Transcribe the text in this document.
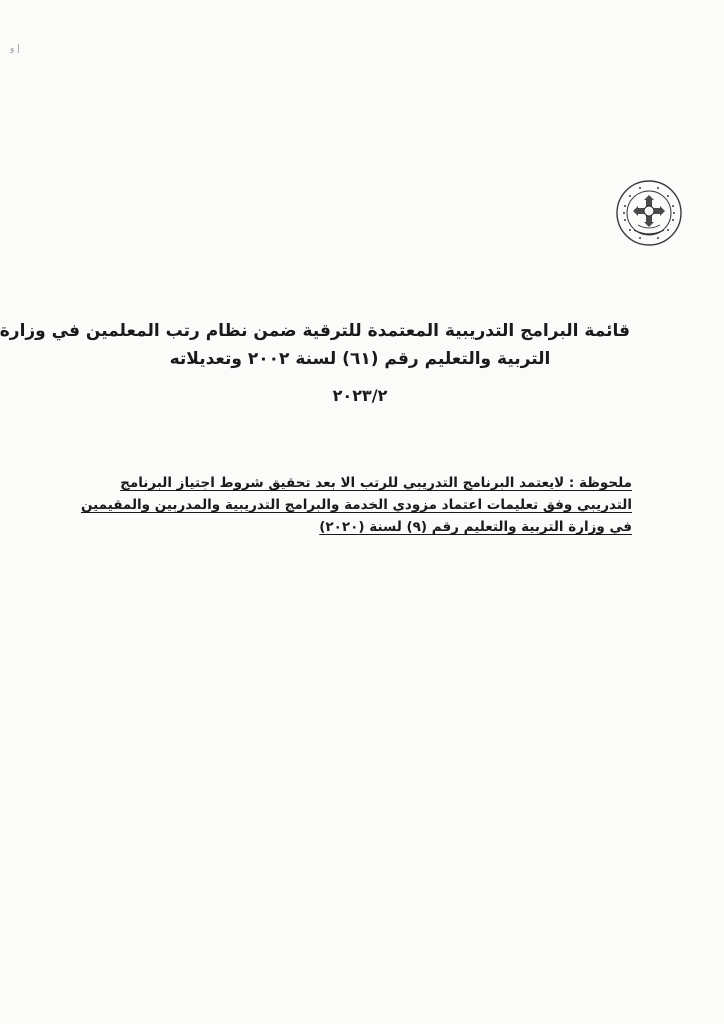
ﺇ ﻭ
قائمة البرامج التدريبية المعتمدة للترقية ضمن نظام رتب المعلمين في وزارة
التربية والتعليم رقم (٦١) لسنة ٢٠٠٢ وتعديلاته
٢٠٢٣/٢
ملحوظة : لايعتمد البرنامج التدريبي للرتب الا بعد تحقيق شروط اجتياز البرنامج
التدريبي وفق تعليمات اعتماد مزودي الخدمة والبرامج التدريبية والمدربين والمقيمين
في وزارة التربية والتعليم رقم (٩) لسنة (٢٠٢٠)
